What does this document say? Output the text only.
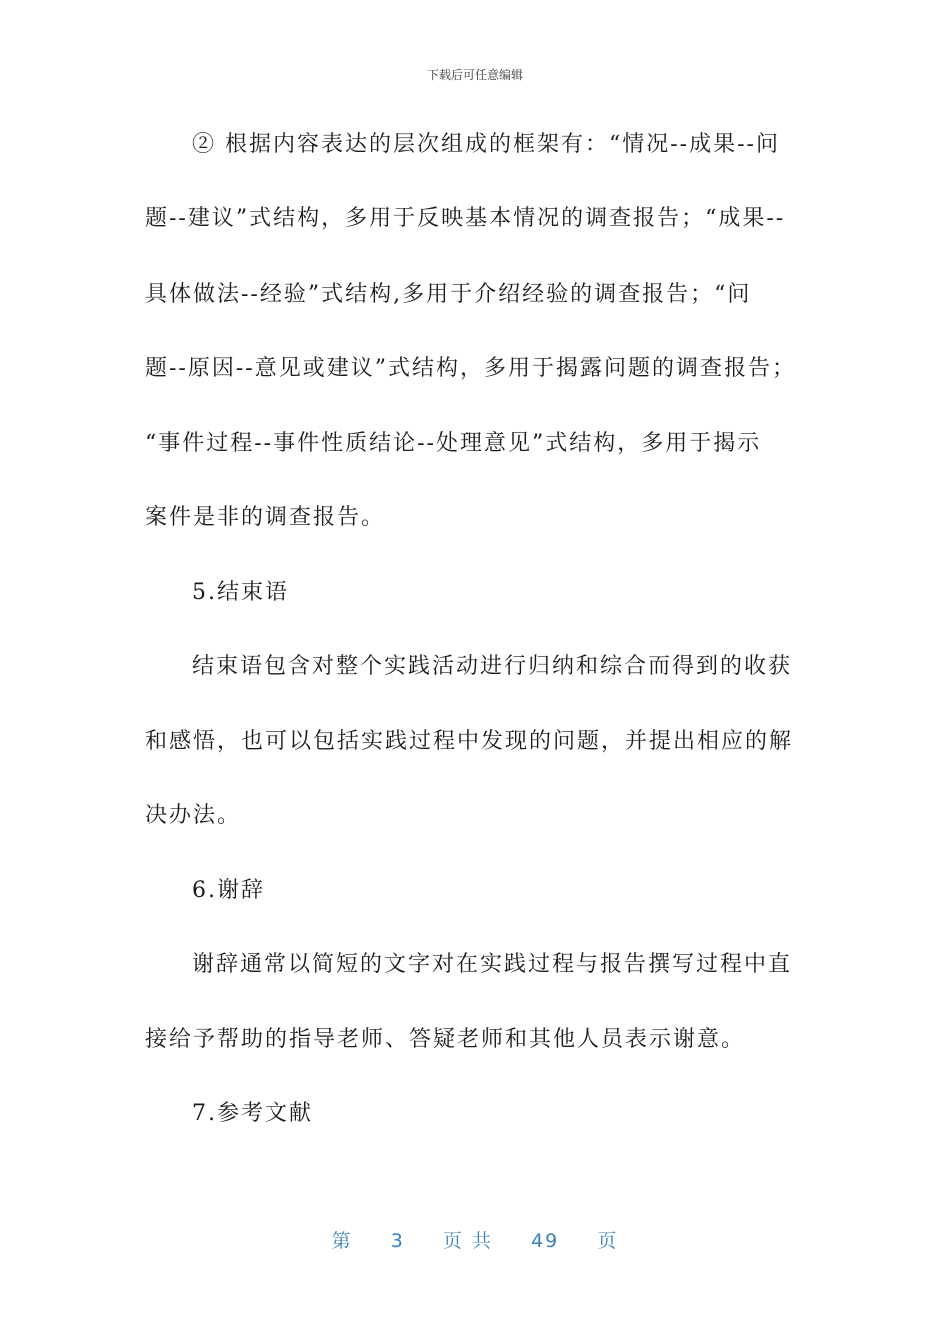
下载后可任意编辑
② 根据内容表达的层次组成的框架有：“情况--成果--问
题--建议”式结构，多用于反映基本情况的调查报告；“成果--
具体做法--经验”式结构,多用于介绍经验的调查报告；“问
题--原因--意见或建议”式结构，多用于揭露问题的调查报告；
“事件过程--事件性质结论--处理意见”式结构，多用于揭示
案件是非的调查报告。
5.结束语
结束语包含对整个实践活动进行归纳和综合而得到的收获
和感悟，也可以包括实践过程中发现的问题，并提出相应的解
决办法。
6.谢辞
谢辞通常以简短的文字对在实践过程与报告撰写过程中直
接给予帮助的指导老师、答疑老师和其他人员表示谢意。
7.参考文献
第 3 页 共 49 页
